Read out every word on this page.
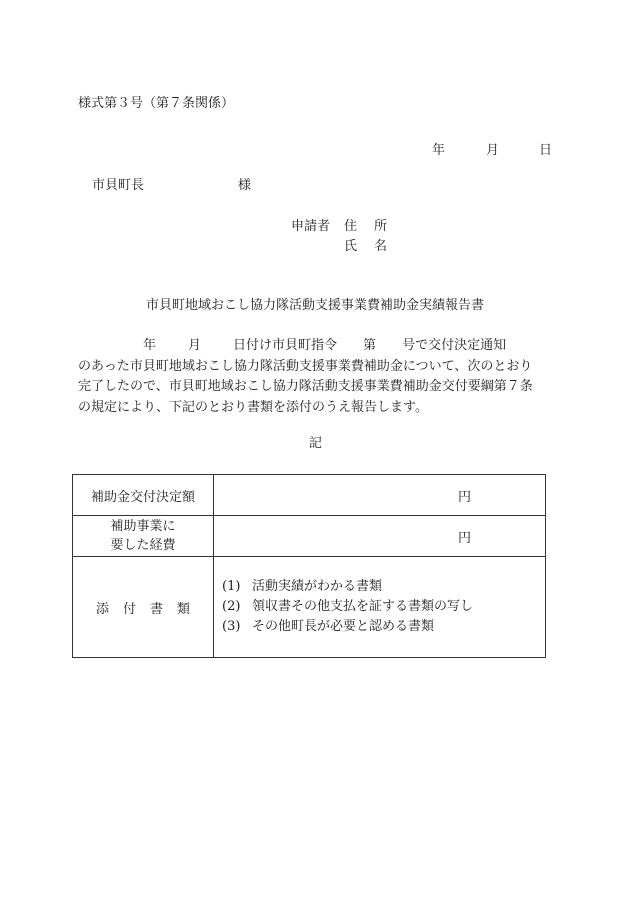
様式第３号（第７条関係）
年	月	日
市貝町長	様
申請者 住所
氏名
市貝町地域おこし協力隊活動支援事業費補助金実績報告書
年 月 日付け市貝町指令 第 号で交付決定通知
のあった市貝町地域おこし協力隊活動支援事業費補助金について、次のとおり
完了したので、市貝町地域おこし協力隊活動支援事業費補助金交付要綱第７条
の規定により、下記のとおり書類を添付のうえ報告します。
記
補助金交付決定額	円

補助事業に
要した経費	円
添付書類	(1) 活動実績がわかる書類
(2) 領収書その他支払を証する書類の写し
(3) その他町長が必要と認める書類
